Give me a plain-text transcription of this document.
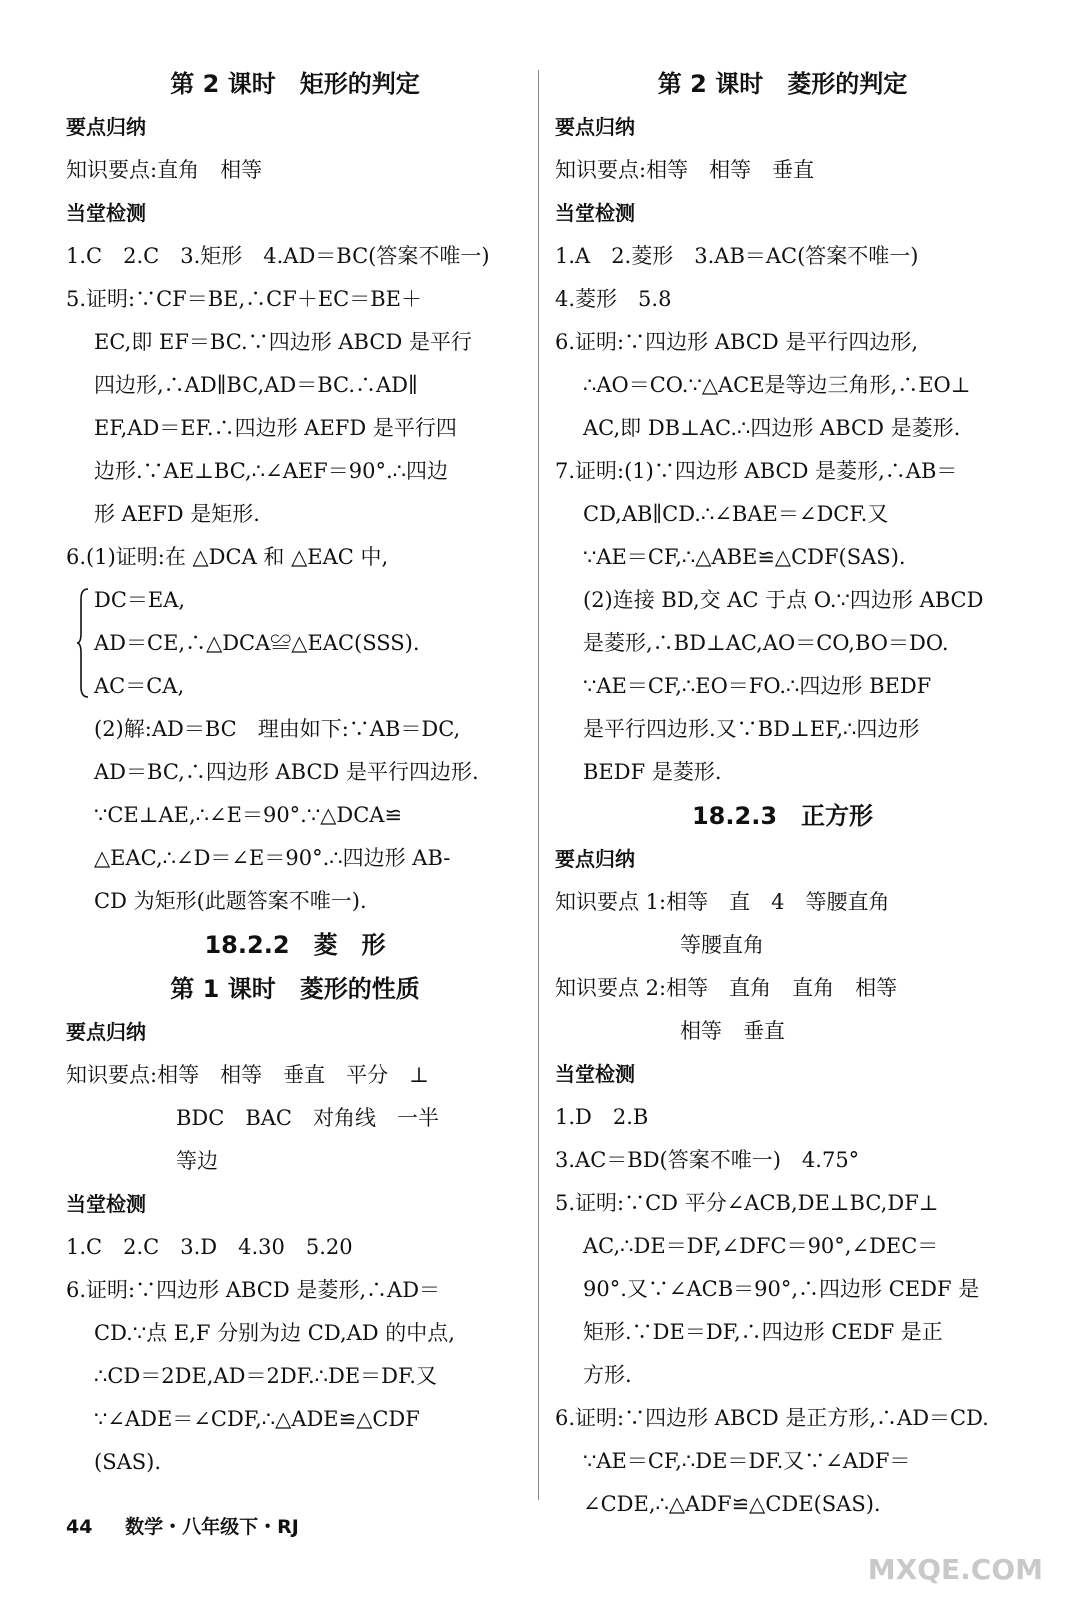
第 2 课时　矩形的判定
要点归纳
知识要点:直角　相等
当堂检测
1.C　2.C　3.矩形　4.AD＝BC(答案不唯一)
5.证明:∵CF＝BE,∴CF＋EC＝BE＋
EC,即 EF＝BC.∵四边形 ABCD 是平行
四边形,∴AD∥BC,AD＝BC.∴AD∥
EF,AD＝EF.∴四边形 AEFD 是平行四
边形.∵AE⊥BC,∴∠AEF＝90°.∴四边
形 AEFD 是矩形.
6.(1)证明:在 △DCA 和 △EAC 中,
DC＝EA,
AD＝CE,∴△DCA≌△EAC(SSS).
AC＝CA,
(2)解:AD＝BC　理由如下:∵AB＝DC,
AD＝BC,∴四边形 ABCD 是平行四边形.
∵CE⊥AE,∴∠E＝90°.∵△DCA≌
△EAC,∴∠D＝∠E＝90°.∴四边形 AB-
CD 为矩形(此题答案不唯一).
18.2.2　菱　形
第 1 课时　菱形的性质
要点归纳
知识要点:相等　相等　垂直　平分　⊥
BDC　BAC　对角线　一半
等边
当堂检测
1.C　2.C　3.D　4.30　5.20
6.证明:∵四边形 ABCD 是菱形,∴AD＝
CD.∵点 E,F 分别为边 CD,AD 的中点,
∴CD＝2DE,AD＝2DF.∴DE＝DF.又
∵∠ADE＝∠CDF,∴△ADE≌△CDF
(SAS).
第 2 课时　菱形的判定
要点归纳
知识要点:相等　相等　垂直
当堂检测
1.A　2.菱形　3.AB＝AC(答案不唯一)
4.菱形　5.8
6.证明:∵四边形 ABCD 是平行四边形,
∴AO＝CO.∵△ACE是等边三角形,∴EO⊥
AC,即 DB⊥AC.∴四边形 ABCD 是菱形.
7.证明:(1)∵四边形 ABCD 是菱形,∴AB＝
CD,AB∥CD.∴∠BAE＝∠DCF.又
∵AE＝CF,∴△ABE≌△CDF(SAS).
(2)连接 BD,交 AC 于点 O.∵四边形 ABCD
是菱形,∴BD⊥AC,AO＝CO,BO＝DO.
∵AE＝CF,∴EO＝FO.∴四边形 BEDF
是平行四边形.又∵BD⊥EF,∴四边形
BEDF 是菱形.
18.2.3　正方形
要点归纳
知识要点 1:相等　直　4　等腰直角
等腰直角
知识要点 2:相等　直角　直角　相等
相等　垂直
当堂检测
1.D　2.B
3.AC＝BD(答案不唯一)　4.75°
5.证明:∵CD 平分∠ACB,DE⊥BC,DF⊥
AC,∴DE＝DF,∠DFC＝90°,∠DEC＝
90°.又∵∠ACB＝90°,∴四边形 CEDF 是
矩形.∵DE＝DF,∴四边形 CEDF 是正
方形.
6.证明:∵四边形 ABCD 是正方形,∴AD＝CD.
∵AE＝CF,∴DE＝DF.又∵∠ADF＝
∠CDE,∴△ADF≌△CDE(SAS).
44 数学・八年级下・RJ
MXQE.COM
